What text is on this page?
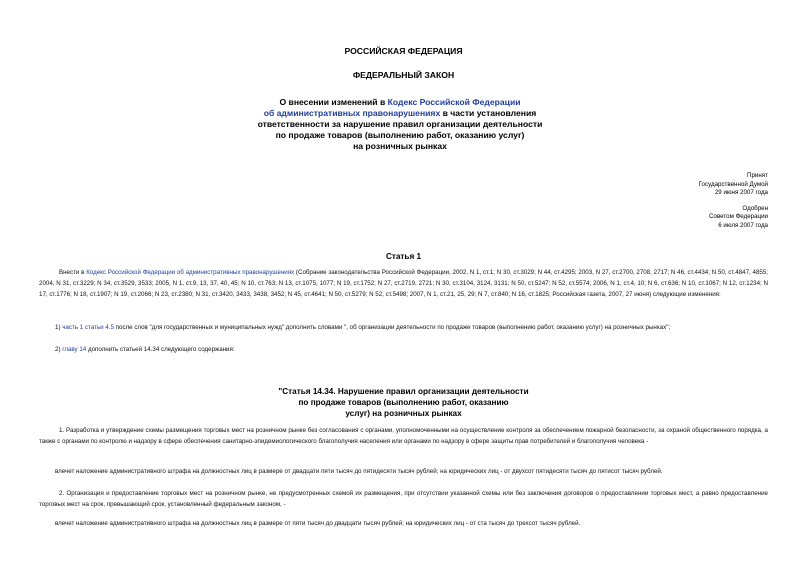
РОССИЙСКАЯ ФЕДЕРАЦИЯ
ФЕДЕРАЛЬНЫЙ ЗАКОН
О внесении изменений в Кодекс Российской Федерации
об административных правонарушениях в части установления
ответственности за нарушение правил организации деятельности
по продаже товаров (выполнению работ, оказанию услуг)
на розничных рынках
Принят
Государственной Думой
29 июня 2007 года
Одобрен
Советом Федерации
6 июля 2007 года
Статья 1
Внести в Кодекс Российской Федерации об административных правонарушениях (Собрание законодательства Российской Федерации, 2002, N 1, ст.1; N 30, ст.3029; N 44, ст.4295; 2003, N 27, ст.2700, 2708, 2717; N 46, ст.4434; N 50, ст.4847, 4855; 2004, N 31, ст.3229; N 34, ст.3529, 3533; 2005, N 1, ст.9, 13, 37, 40, 45; N 10, ст.763; N 13, ст.1075, 1077; N 19, ст.1752; N 27, ст.2719, 2721; N 30, ст.3104, 3124, 3131; N 50, ст.5247; N 52, ст.5574; 2006, N 1, ст.4, 10; N 6, ст.636; N 10, ст.1067; N 12, ст.1234; N 17, ст.1776; N 18, ст.1907; N 19, ст.2066; N 23, ст.2380; N 31, ст.3420, 3433, 3438, 3452; N 45, ст.4641; N 50, ст.5279; N 52, ст.5498; 2007, N 1, ст.21, 25, 29; N 7, ст.840; N 16, ст.1825; Российская газета, 2007, 27 июня) следующие изменения:
1) часть 1 статьи 4.5 после слов "для государственных и муниципальных нужд" дополнить словами ", об организации деятельности по продаже товаров (выполнению работ, оказанию услуг) на розничных рынках";
2) главу 14 дополнить статьей 14.34 следующего содержания:
"Статья 14.34. Нарушение правил организации деятельности
по продаже товаров (выполнению работ, оказанию
услуг) на розничных рынках
1. Разработка и утверждение схемы размещения торговых мест на розничном рынке без согласования с органами, уполномоченными на осуществление контроля за обеспечением пожарной безопасности, за охраной общественного порядка, а также с органами по контролю и надзору в сфере обеспечения санитарно-эпидемиологического благополучия населения или органами по надзору в сфере защиты прав потребителей и благополучия человека -
влечет наложение административного штрафа на должностных лиц в размере от двадцати пяти тысяч до пятидесяти тысяч рублей; на юридических лиц - от двухсот пятидесяти тысяч до пятисот тысяч рублей.
2. Организация и предоставление торговых мест на розничном рынке, не предусмотренных схемой их размещения, при отсутствии указанной схемы или без заключения договоров о предоставлении торговых мест, а равно предоставление торговых мест на срок, превышающий срок, установленный федеральным законом, -
влечет наложение административного штрафа на должностных лиц в размере от пяти тысяч до двадцати тысяч рублей; на юридических лиц - от ста тысяч до трехсот тысяч рублей.
